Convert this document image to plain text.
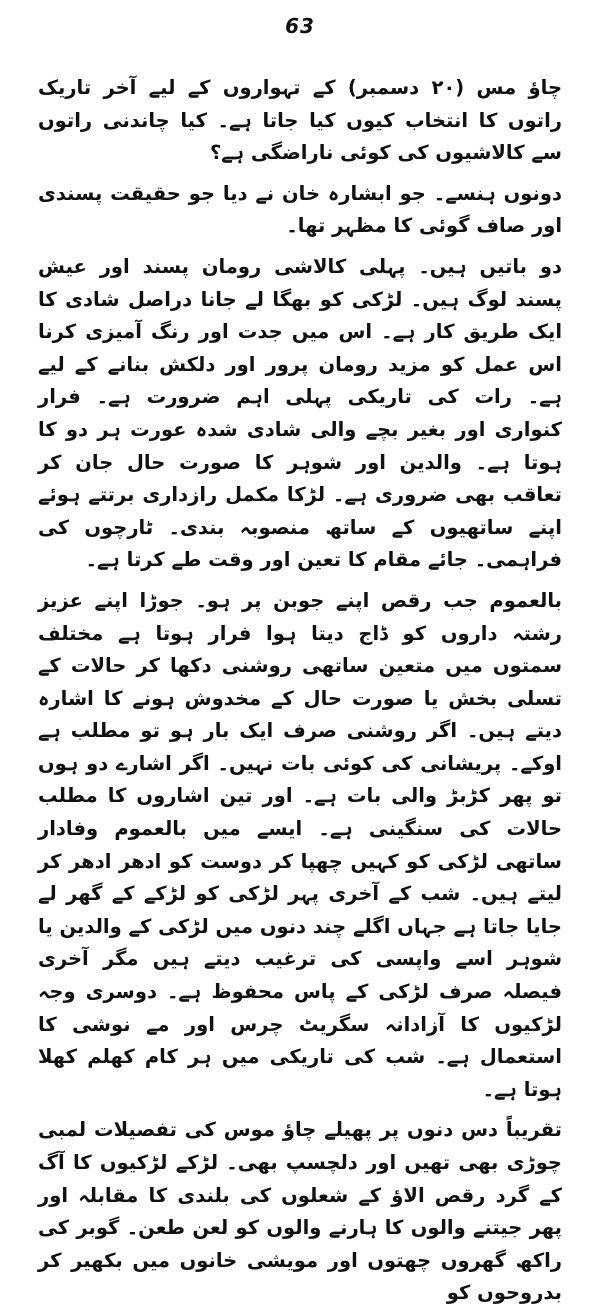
63

چاؤ مس (۲۰ دسمبر) کے تہواروں کے لیے آخر تاریک راتوں کا انتخاب کیوں کیا جاتا ہے۔ کیا چاندنی راتوں سے کالاشیوں کی کوئی ناراضگی ہے؟

دونوں ہنسے۔ جو ابشارہ خان نے دیا جو حقیقت پسندی اور صاف گوئی کا مظہر تھا۔

دو باتیں ہیں۔ پہلی کالاشی رومان پسند اور عیش پسند لوگ ہیں۔ لڑکی کو بھگا لے جانا دراصل شادی کا ایک طریق کار ہے۔ اس میں جدت اور رنگ آمیزی کرنا اس عمل کو مزید رومان پرور اور دلکش بنانے کے لیے ہے۔ رات کی تاریکی پہلی اہم ضرورت ہے۔ فرار کنواری اور بغیر بچے والی شادی شدہ عورت ہر دو کا ہوتا ہے۔ والدین اور شوہر کا صورت حال جان کر تعاقب بھی ضروری ہے۔ لڑکا مکمل رازداری برتتے ہوئے اپنے ساتھیوں کے ساتھ منصوبہ بندی۔ ٹارچوں کی فراہمی۔ جائے مقام کا تعین اور وقت طے کرتا ہے۔

بالعموم جب رقص اپنے جوبن پر ہو۔ جوڑا اپنے عزیز رشتہ داروں کو ڈاج دیتا ہوا فرار ہوتا ہے مختلف سمتوں میں متعین ساتھی روشنی دکھا کر حالات کے تسلی بخش یا صورت حال کے مخدوش ہونے کا اشارہ دیتے ہیں۔ اگر روشنی صرف ایک بار ہو تو مطلب ہے اوکے۔ پریشانی کی کوئی بات نہیں۔ اگر اشارے دو ہوں تو پھر کڑبڑ والی بات ہے۔ اور تین اشاروں کا مطلب حالات کی سنگینی ہے۔ ایسے میں بالعموم وفادار ساتھی لڑکی کو کہیں چھپا کر دوست کو ادھر ادھر کر لیتے ہیں۔ شب کے آخری پہر لڑکی کو لڑکے کے گھر لے جایا جاتا ہے جہاں اگلے چند دنوں میں لڑکی کے والدین یا شوہر اسے واپسی کی ترغیب دیتے ہیں مگر آخری فیصلہ صرف لڑکی کے پاس محفوظ ہے۔ دوسری وجہ لڑکیوں کا آزادانہ سگریٹ چرس اور مے نوشی کا استعمال ہے۔ شب کی تاریکی میں ہر کام کھلم کھلا ہوتا ہے۔

تقریباً دس دنوں پر پھیلے چاؤ موس کی تفصیلات لمبی چوڑی بھی تھیں اور دلچسپ بھی۔ لڑکے لڑکیوں کا آگ کے گرد رقص الاؤ کے شعلوں کی بلندی کا مقابلہ اور پھر جیتنے والوں کا ہارنے والوں کو لعن طعن۔ گوبر کی راکھ گھروں چھتوں اور مویشی خانوں میں بکھیر کر بدروحوں کو
